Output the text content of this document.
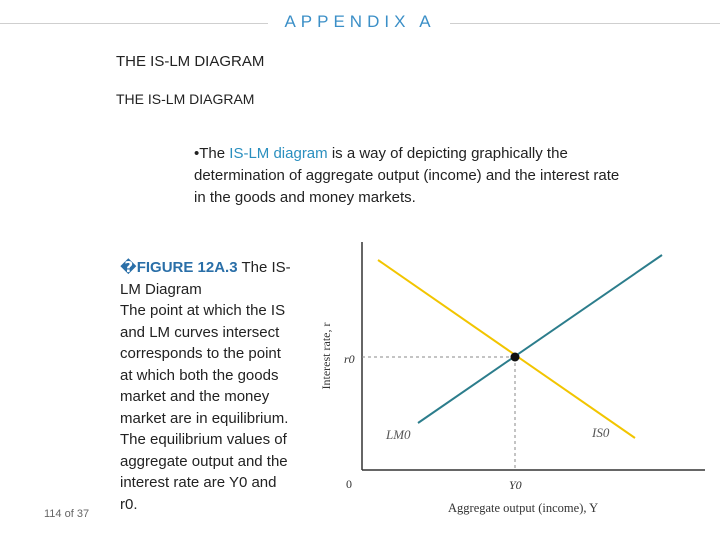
APPENDIX A
THE IS-LM DIAGRAM
THE IS-LM DIAGRAM
•The IS-LM diagram is a way of depicting graphically the determination of aggregate output (income) and the interest rate in the goods and money markets.
�FIGURE 12A.3 The IS-LM Diagram
The point at which the IS and LM curves intersect corresponds to the point at which both the goods market and the money market are in equilibrium. The equilibrium values of aggregate output and the interest rate are Y0 and r0.
Interest rate, r r0
0	Y0
LM0	IS0
Aggregate output (income), Y
114 of 37
